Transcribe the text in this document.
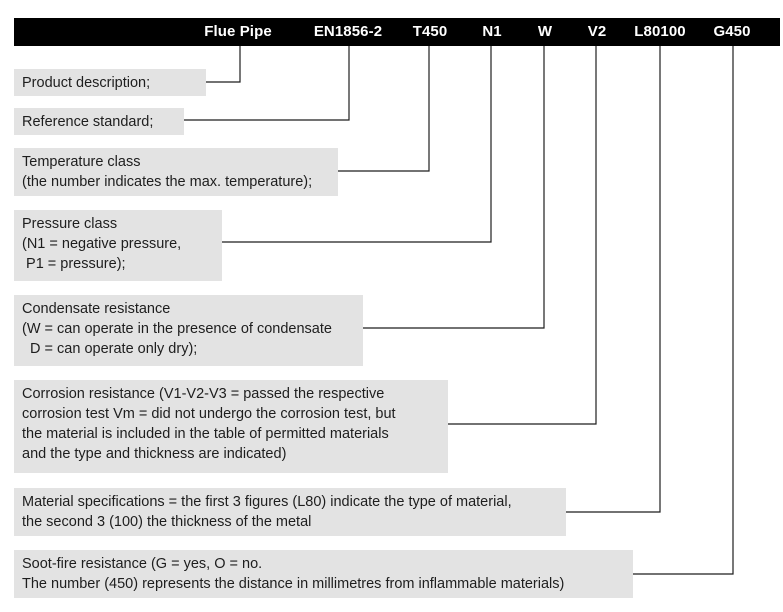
Flue Pipe	EN1856-2 T450 N1 W V2 L80100 G450
Product description;
Reference standard;
Temperature class
(the number indicates the max. temperature);
Pressure class
(N1 = negative pressure,
P1 = pressure);
Condensate resistance
(W = can operate in the presence of condensate
D = can operate only dry);
Corrosion resistance (V1-V2-V3 = passed the respective
corrosion test Vm = did not undergo the corrosion test, but
the material is included in the table of permitted materials
and the type and thickness are indicated)
Material specifications = the first 3 figures (L80) indicate the type of material,
the second 3 (100) the thickness of the metal
Soot-fire resistance (G = yes, O = no.
The number (450) represents the distance in millimetres from inflammable materials)
